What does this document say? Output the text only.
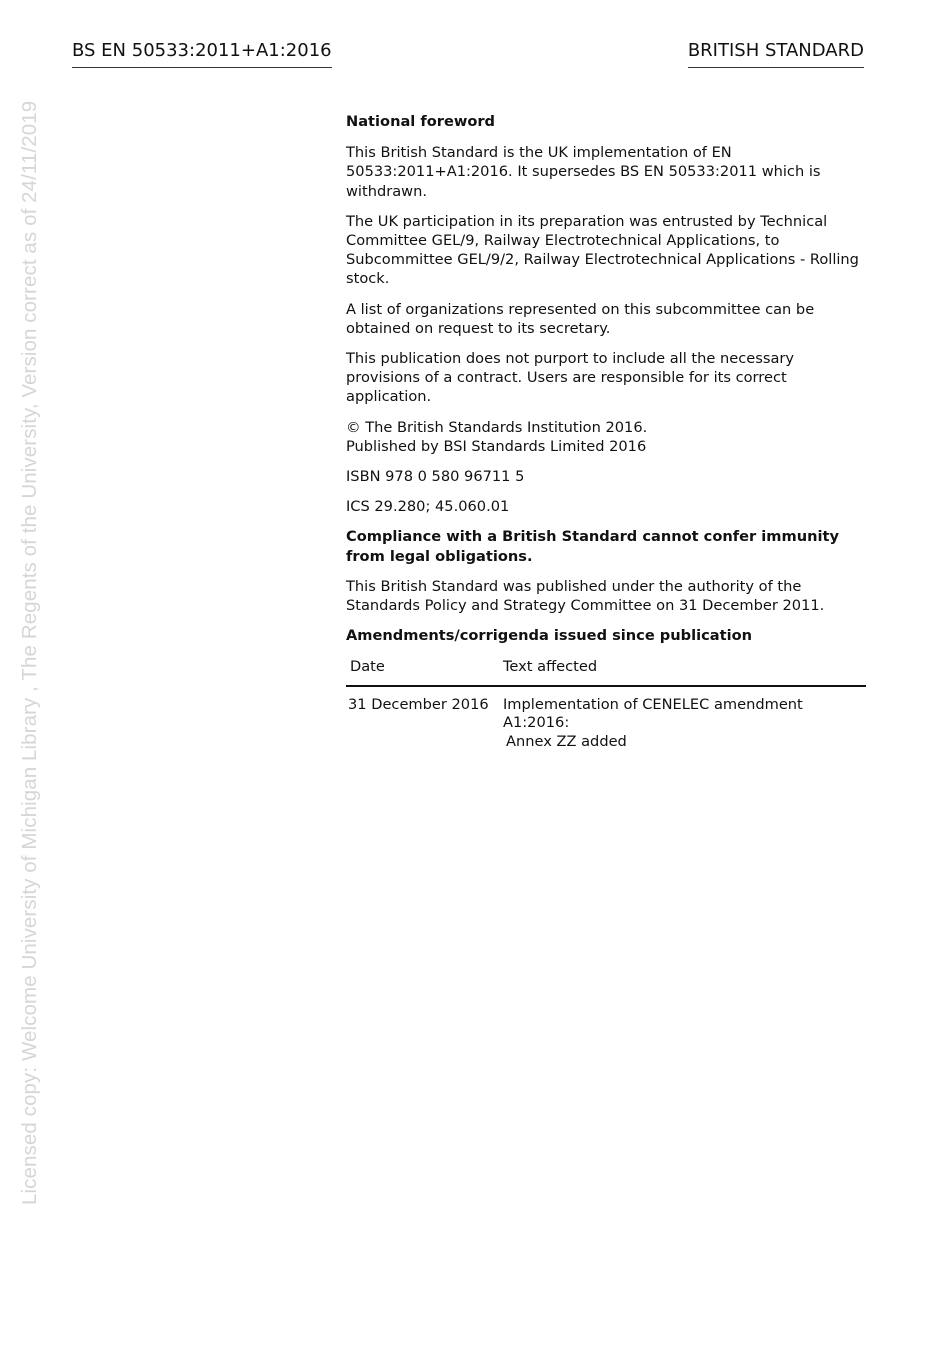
BS EN 50533:2011+A1:2016	BRITISH STANDARD
Licensed copy: Welcome University of Michigan Library , The Regents of the University, Version correct as of 24/11/2019	National foreword

This British Standard is the UK implementation of EN 50533:2011+A1:2016. It supersedes BS EN 50533:2011 which is withdrawn.

The UK participation in its preparation was entrusted by Technical Committee GEL/9, Railway Electrotechnical Applications, to Subcommittee GEL/9/2, Railway Electrotechnical Applications - Rolling stock.

A list of organizations represented on this subcommittee can be obtained on request to its secretary.

This publication does not purport to include all the necessary provisions of a contract. Users are responsible for its correct application.

© The British Standards Institution 2016.
Published by BSI Standards Limited 2016

ISBN 978 0 580 96711 5

ICS 29.280; 45.060.01

Compliance with a British Standard cannot confer immunity from legal obligations.

This British Standard was published under the authority of the Standards Policy and Strategy Committee on 31 December 2011.

Amendments/corrigenda issued since publication

Date	Text affected
31 December 2016	Implementation of CENELEC amendment A1:2016:
Annex ZZ added
